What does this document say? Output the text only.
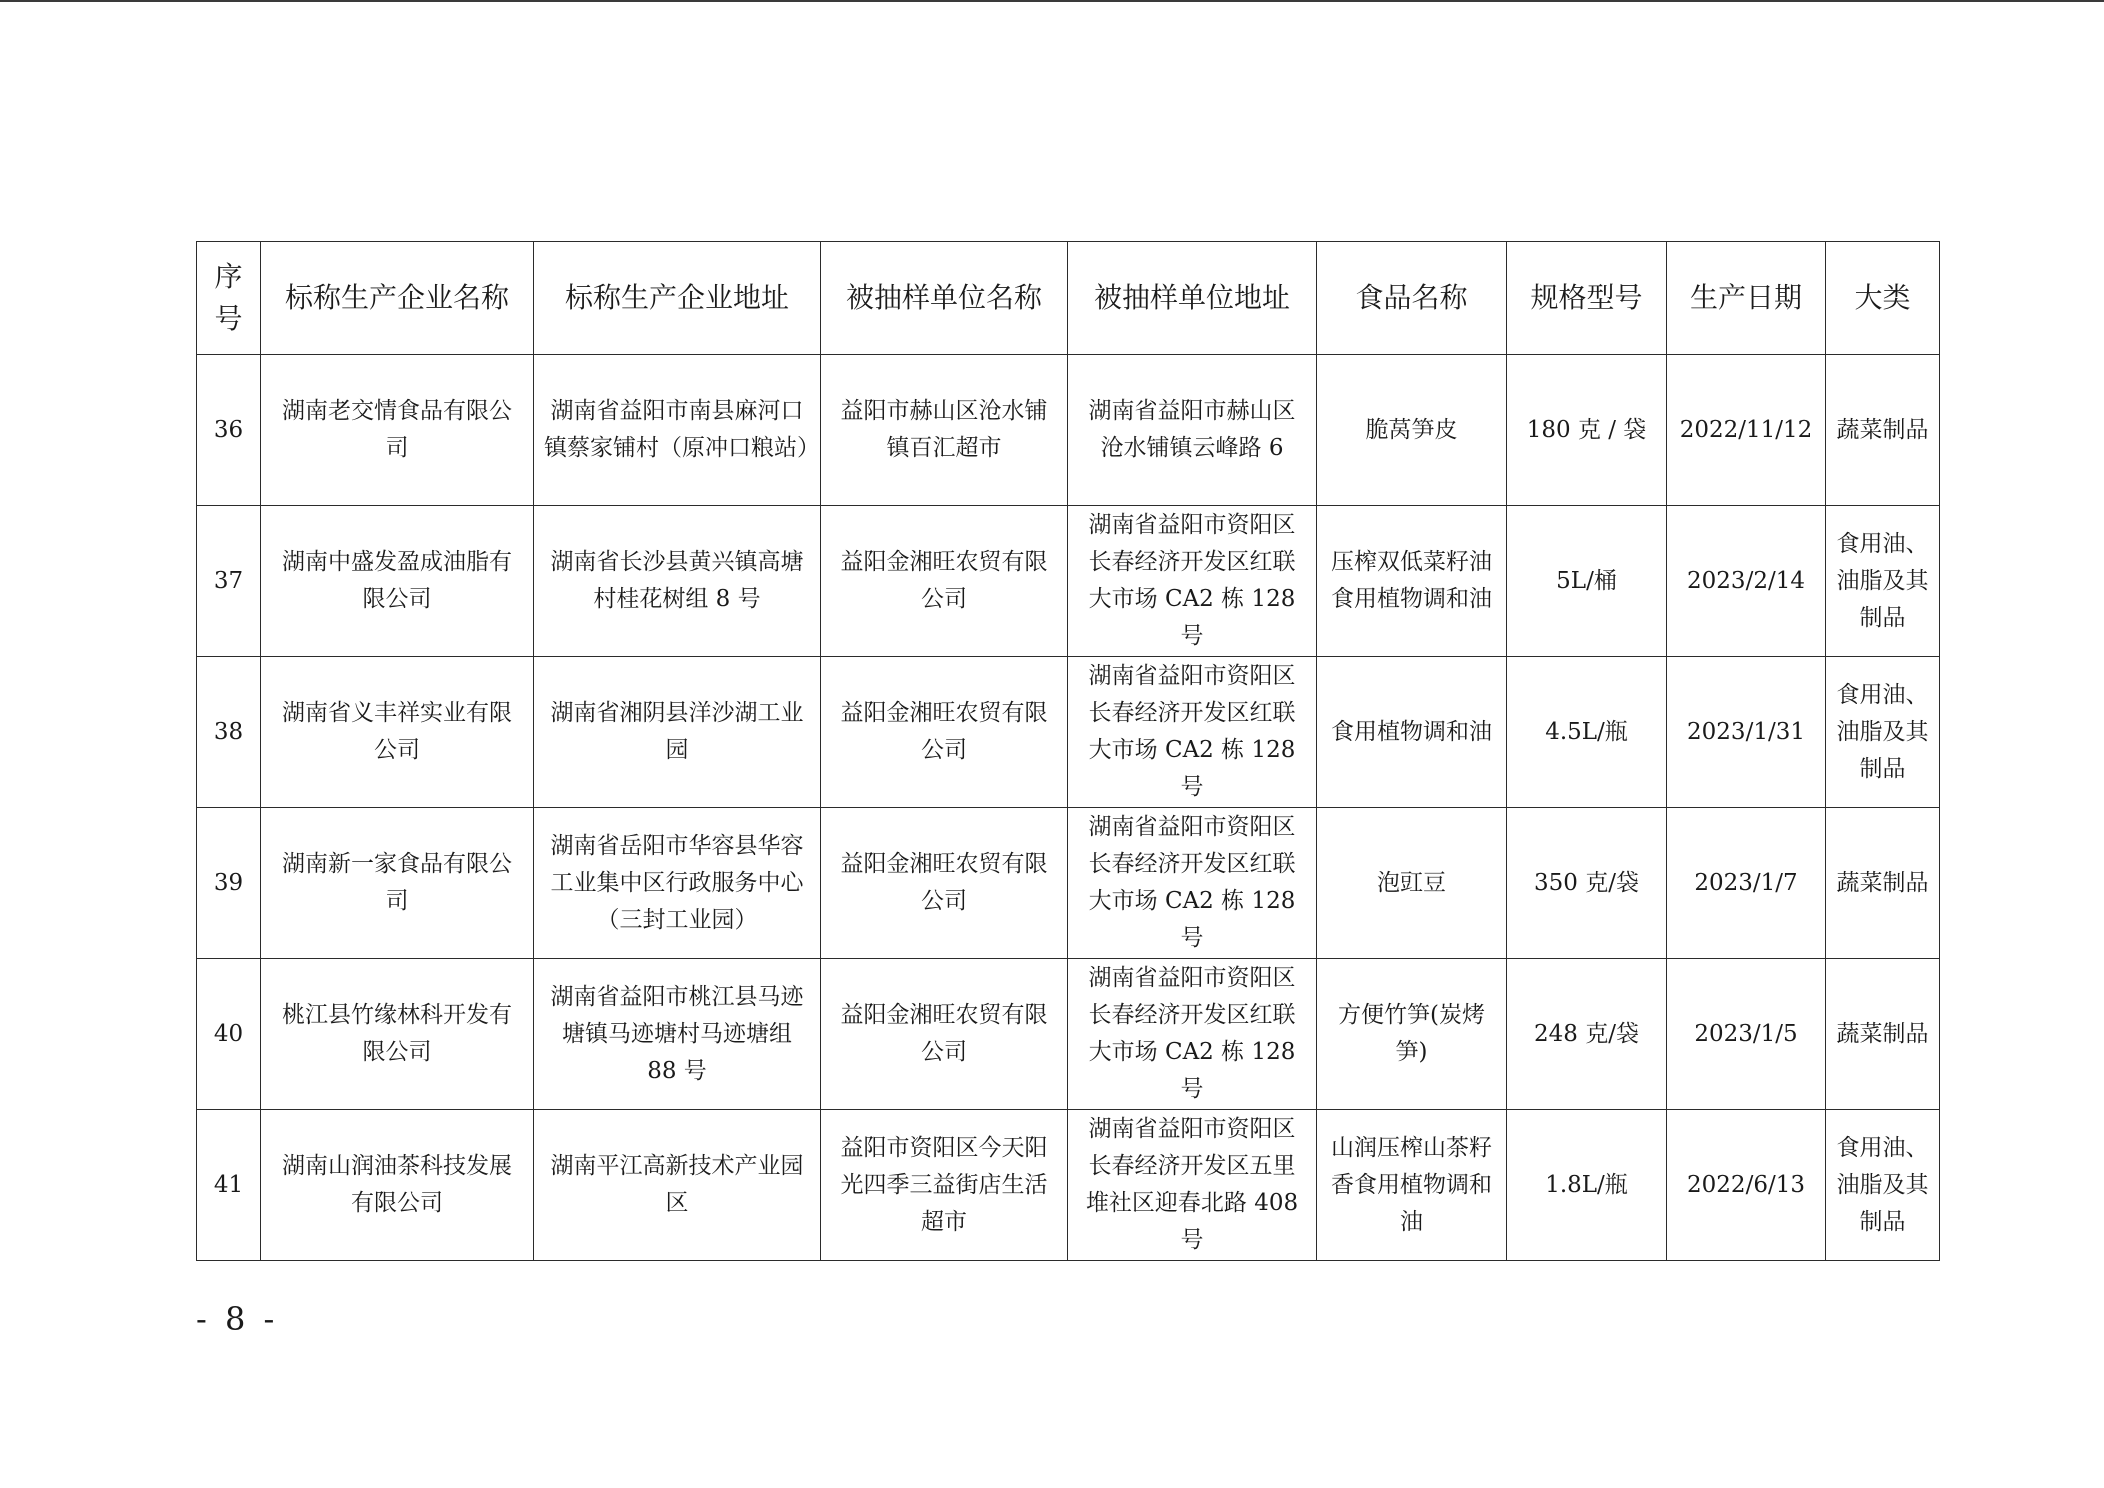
序号	标称生产企业名称	标称生产企业地址	被抽样单位名称	被抽样单位地址	食品名称	规格型号	生产日期	大类
36	湖南老交情食品有限公司	湖南省益阳市南县麻河口镇蔡家铺村（原冲口粮站）	益阳市赫山区沧水铺镇百汇超市	湖南省益阳市赫山区沧水铺镇云峰路 6	脆莴笋皮	180 克 / 袋	2022/11/12	蔬菜制品
37	湖南中盛发盈成油脂有限公司	湖南省长沙县黄兴镇高塘村桂花树组 8 号	益阳金湘旺农贸有限公司	湖南省益阳市资阳区长春经济开发区红联大市场 CA2 栋 128 号	压榨双低菜籽油 食用植物调和油	5L/桶	2023/2/14	食用油、油脂及其制品
38	湖南省义丰祥实业有限公司	湖南省湘阴县洋沙湖工业园	益阳金湘旺农贸有限公司	湖南省益阳市资阳区长春经济开发区红联大市场 CA2 栋 128 号	食用植物调和油	4.5L/瓶	2023/1/31	食用油、油脂及其制品
39	湖南新一家食品有限公司	湖南省岳阳市华容县华容工业集中区行政服务中心（三封工业园）	益阳金湘旺农贸有限公司	湖南省益阳市资阳区长春经济开发区红联大市场 CA2 栋 128 号	泡豇豆	350 克/袋	2023/1/7	蔬菜制品
40	桃江县竹缘林科开发有限公司	湖南省益阳市桃江县马迹塘镇马迹塘村马迹塘组 88 号	益阳金湘旺农贸有限公司	湖南省益阳市资阳区长春经济开发区红联大市场 CA2 栋 128 号	方便竹笋(炭烤笋)	248 克/袋	2023/1/5	蔬菜制品
41	湖南山润油茶科技发展有限公司	湖南平江高新技术产业园区	益阳市资阳区今天阳光四季三益街店生活超市	湖南省益阳市资阳区长春经济开发区五里堆社区迎春北路 408 号	山润压榨山茶籽香食用植物调和油	1.8L/瓶	2022/6/13	食用油、油脂及其制品
- 8 -
